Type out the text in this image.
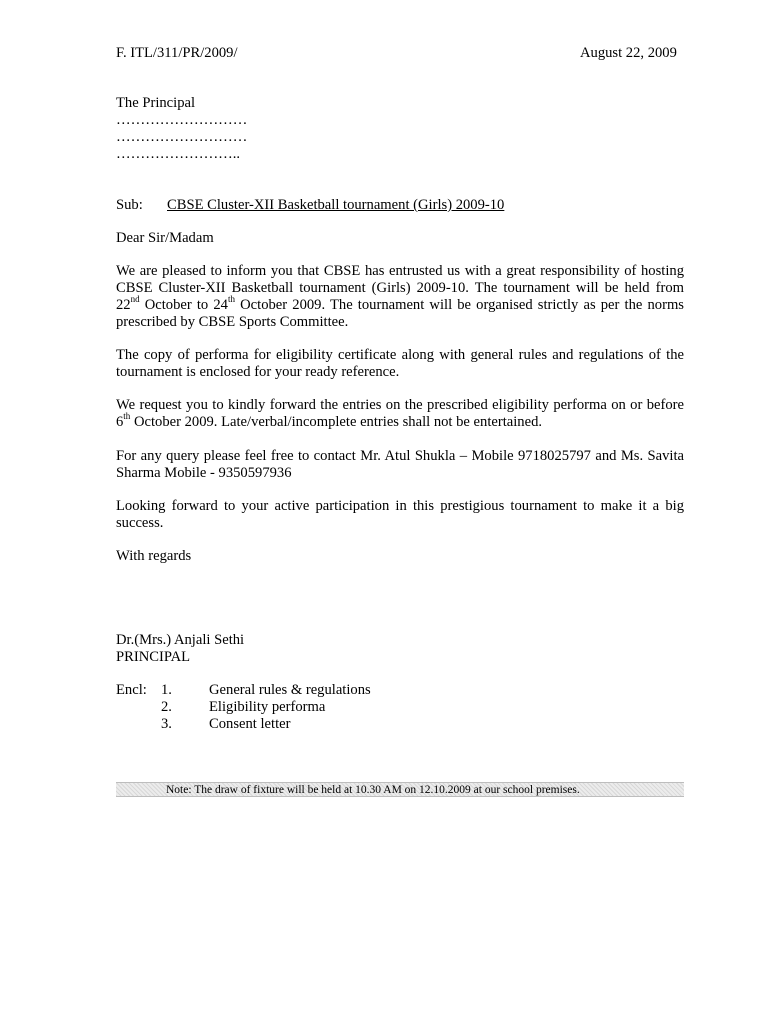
F. ITL/311/PR/2009/	August 22, 2009
The Principal
………………………
………………………
……………………..
Sub: CBSE Cluster-XII Basketball tournament (Girls) 2009-10
Dear Sir/Madam
We are pleased to inform you that CBSE has entrusted us with a great responsibility of hosting CBSE Cluster-XII Basketball tournament (Girls) 2009-10. The tournament will be held from 22nd October to 24th October 2009. The tournament will be organised strictly as per the norms prescribed by CBSE Sports Committee.
The copy of performa for eligibility certificate along with general rules and regulations of the tournament is enclosed for your ready reference.
We request you to kindly forward the entries on the prescribed eligibility performa on or before 6th October 2009. Late/verbal/incomplete entries shall not be entertained.
For any query please feel free to contact Mr. Atul Shukla – Mobile 9718025797 and Ms. Savita Sharma Mobile - 9350597936
Looking forward to your active participation in this prestigious tournament to make it a big success.
With regards
Dr.(Mrs.) Anjali Sethi
PRINCIPAL
Encl: 1.	General rules & regulations
2.	Eligibility performa
3.	Consent letter
Note: The draw of fixture will be held at 10.30 AM on 12.10.2009 at our school premises.
